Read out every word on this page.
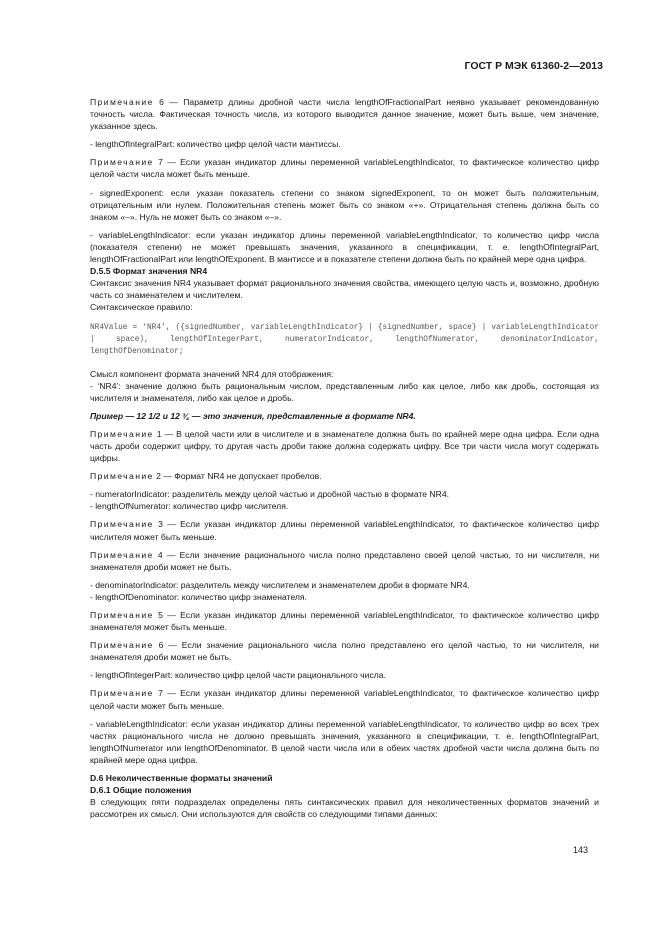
ГОСТ Р МЭК 61360-2—2013

Примечание 6 — Параметр длины дробной части числа lengthOfFractionalPart неявно указывает рекомендованную точность числа. Фактическая точность числа, из которого выводится данное значение, может быть выше, чем значение, указанное здесь.

- lengthOfIntegralPart: количество цифр целой части мантиссы.

Примечание 7 — Если указан индикатор длины переменной variableLengthIndicator, то фактическое количество цифр целой части числа может быть меньше.

- signedExponent: если указан показатель степени со знаком signedExponent, то он может быть положительным, отрицательным или нулем. Положительная степень может быть со знаком «+». Отрицательная степень должна быть со знаком «–». Нуль не может быть со знаком «–».

- variableLengthIndicator: если указан индикатор длины переменной variableLengthIndicator, то количество цифр числа (показателя степени) не может превышать значения, указанного в спецификации, т. е. lengthOfIntegralPart, lengthOfFractionalPart или lengthOfExponent. В мантиссе и в показателе степени должна быть по крайней мере одна цифра.

D.5.5 Формат значения NR4

Синтаксис значения NR4 указывает формат рационального значения свойства, имеющего целую часть и, возможно, дробную часть со знаменателем и числителем.

Синтаксическое правило:

NR4Value = ‘NR4’, ({signedNumber, variableLengthIndicator} | {signedNumber, space} | variableLengthIndicator | space), lengthOfIntegerPart, numeratorIndicator, lengthOfNumerator, denominatorIndicator, lengthOfDenominator;

Смысл компонент формата значений NR4 для отображения:

- ‘NR4’: значение должно быть рациональным числом, представленным либо как целое, либо как дробь, состоящая из числителя и знаменателя, либо как целое и дробь.

Пример — 12 1/2 и 12 ¾ — это значения, представленные в формате NR4.

Примечание 1 — В целой части или в числителе и в знаменателе должна быть по крайней мере одна цифра. Если одна часть дроби содержит цифру, то другая часть дроби также должна содержать цифру. Все три части числа могут содержать цифры.

Примечание 2 — Формат NR4 не допускает пробелов.

- numeratorIndicator: разделитель между целой частью и дробной частью в формате NR4.

- lengthOfNumerator: количество цифр числителя.

Примечание 3 — Если указан индикатор длины переменной variableLengthIndicator, то фактическое количество цифр числителя может быть меньше.

Примечание 4 — Если значение рационального числа полно представлено своей целой частью, то ни числителя, ни знаменателя дроби может не быть.

- denominatorIndicator: разделитель между числителем и знаменателем дроби в формате NR4.

- lengthOfDenominator: количество цифр знаменателя.

Примечание 5 — Если указан индикатор длины переменной variableLengthIndicator, то фактическое количество цифр знаменателя может быть меньше.

Примечание 6 — Если значение рационального числа полно представлено его целой частью, то ни числителя, ни знаменателя дроби может не быть.

- lengthOfIntegerPart: количество цифр целой части рационального числа.

Примечание 7 — Если указан индикатор длины переменной variableLengthIndicator, то фактическое количество цифр целой части может быть меньше.

- variableLengthIndicator: если указан индикатор длины переменной variableLengthIndicator, то количество цифр во всех трех частях рационального числа не должно превышать значения, указанного в спецификации, т. е. lengthOfIntegralPart, lengthOfNumerator или lengthOfDenominator. В целой части числа или в обеих частях дробной части числа должна быть по крайней мере одна цифра.

D.6 Неколичественные форматы значений

D.6.1 Общие положения

В следующих пяти подразделах определены пять синтаксических правил для неколичественных форматов значений и рассмотрен их смысл. Они используются для свойств со следующими типами данных:

143
